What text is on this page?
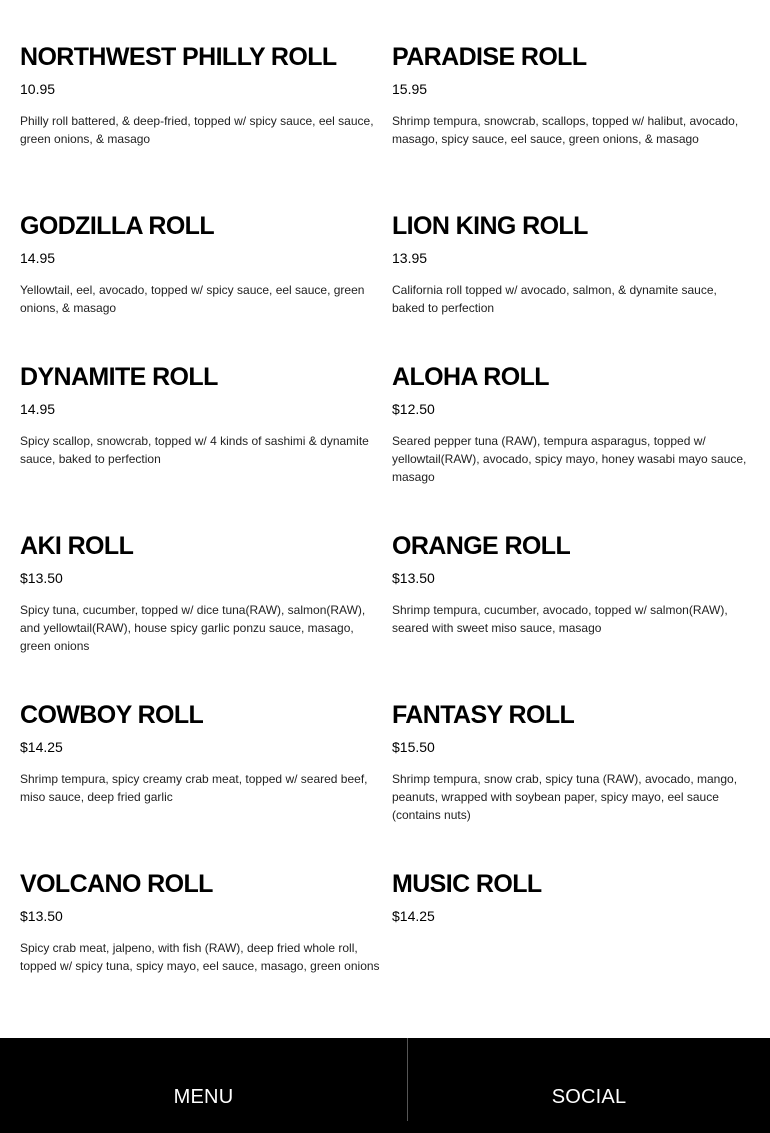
NORTHWEST PHILLY ROLL
10.95
Philly roll battered, & deep-fried, topped w/ spicy sauce, eel sauce, green onions, & masago
PARADISE ROLL
15.95
Shrimp tempura, snowcrab, scallops, topped w/ halibut, avocado, masago, spicy sauce, eel sauce, green onions, & masago
GODZILLA ROLL
14.95
Yellowtail, eel, avocado, topped w/ spicy sauce, eel sauce, green onions, & masago
LION KING ROLL
13.95
California roll topped w/ avocado, salmon, & dynamite sauce, baked to perfection
DYNAMITE ROLL
14.95
Spicy scallop, snowcrab, topped w/ 4 kinds of sashimi & dynamite sauce, baked to perfection
ALOHA ROLL
$12.50
Seared pepper tuna (RAW), tempura asparagus, topped w/ yellowtail(RAW), avocado, spicy mayo, honey wasabi mayo sauce, masago
AKI ROLL
$13.50
Spicy tuna, cucumber, topped w/ dice tuna(RAW), salmon(RAW), and yellowtail(RAW), house spicy garlic ponzu sauce, masago, green onions
ORANGE ROLL
$13.50
Shrimp tempura, cucumber, avocado, topped w/ salmon(RAW), seared with sweet miso sauce, masago
COWBOY ROLL
$14.25
Shrimp tempura, spicy creamy crab meat, topped w/ seared beef, miso sauce, deep fried garlic
FANTASY ROLL
$15.50
Shrimp tempura, snow crab, spicy tuna (RAW), avocado, mango, peanuts, wrapped with soybean paper, spicy mayo, eel sauce (contains nuts)
VOLCANO ROLL
$13.50
Spicy crab meat, jalpeno, with fish (RAW), deep fried whole roll, topped w/ spicy tuna, spicy mayo, eel sauce, masago, green onions
MUSIC ROLL
$14.25
MENU	SOCIAL
